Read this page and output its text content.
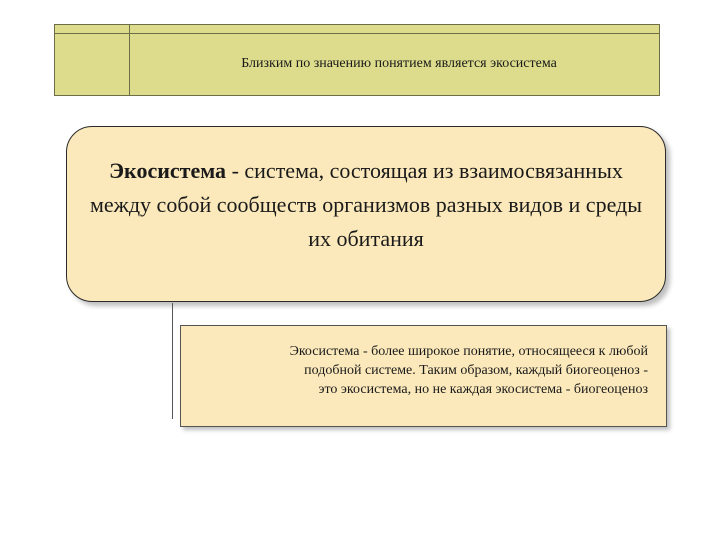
Близким по значению понятием является экосистема
Экосистема - система, состоящая из взаимосвязанных между собой сообществ организмов разных видов и среды их обитания
Экосистема - более широкое понятие, относящееся к любой
подобной системе. Таким образом, каждый биогеоценоз -
это экосистема, но не каждая экосистема - биогеоценоз
